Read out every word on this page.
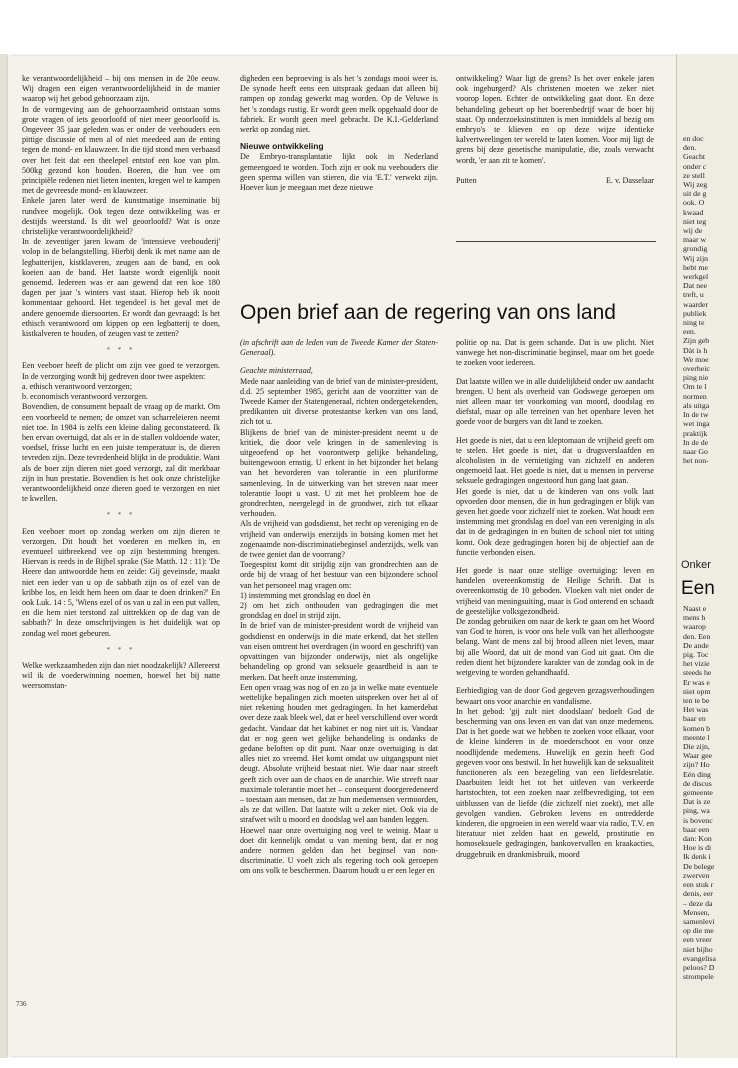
en doc
den.
Geacht
onder c
ze stell
Wij zeg
uit de g
ook. O
kwaad
niet teg
wij de
maar w
grondig
Wij zijn
hebt me
werkgel
Dat nee
treft, u
waarder
publiek
ning te
een.
Zijn geb
Dàt is h
We moe
overheic
ping nie
Om te l
normen
als uitga
In de tw
wet inga
praktijk
In de de
naar Go
het non-
Onker
Een
Naast e
mens h
waarop
den. Een
De ande
pig. Toc
het vizie
steeds he
Er was e
niet opm
ten te be
Het was
baar en
komen b
meente l
Die zijn,
Waar gee
zijn? Ho
Eén ding
de discus
gemeente
Dat is ze
ping, wa
is bovenc
baar een
dan: Kon
Hoe is di
Ik denk i
De belege
zwerven
een stuk r
denis, eer
– deze da
Mensen,
samenlevi
op die me
een vreer
niet bijho
evangelisa
peloos? D
strompele

ke verantwoordelijkheid – bij ons mensen in de 20e eeuw. Wij dragen een eigen verantwoordelijkheid in de manier waarop wij het gebod gehoorzaam zijn.

In de vormgeving aan de gehoorzaamheid ontstaan soms grote vragen of iets geoorloofd of niet meer geoorloofd is. Ongeveer 35 jaar geleden was er onder de veehouders een pittige discussie of men al of niet meedeed aan de enting tegen de mond- en klauwzeer. In die tijd stond men verbaasd over het feit dat een theelepel entstof een koe van plm. 500kg gezond kon houden. Boeren, die hun vee om principiële redenen niet lieten inenten, kregen wel te kampen met de gevreesde mond- en klauwzeer.

Enkele jaren later werd de kunstmatige inseminatie bij rundvee mogelijk. Ook tegen deze ontwikkeling was er destijds weerstand. Is dit wel geoorloofd? Wat is onze christelijke verantwoordelijkheid?

In de zeventiger jaren kwam de 'intensieve veehouderij' volop in de belangstelling. Hierbij denk ik met name aan de legbatterijen, kistklaveren, zeugen aan de band, en ook koeien aan de band. Het laatste wordt eigenlijk nooit genoemd. Iedereen was er aan gewend dat een koe 180 dagen per jaar 's winters vast staat. Hierop heb ik nooit kommentaar gehoord. Het tegendeel is het geval met de andere genoemde diersoorten. Er wordt dan gevraagd: Is het ethisch verantwoord om kippen op een legbatterij te doen, kistkalveren te houden, of zeugen vast te zetten?

* * *

Een veeboer heeft de plicht om zijn vee goed te verzorgen. In de verzorging wordt hij gedreven door twee aspekten:

a. ethisch verantwoord verzorgen;

b. economisch verantwoord verzorgen.

Bovendien, de consument bepaalt de vraag op de markt. Om een voorbeeld te nemen; de omzet van scharreleieren neemt niet toe. In 1984 is zelfs een kleine daling geconstateerd. Ik ben ervan overtuigd, dat als er in de stallen voldoende water, voedsel, frisse lucht en een juiste temperatuur is, de dieren tevreden zijn. Deze tevredenheid blijkt in de produktie. Want als de boer zijn dieren niet goed verzorgt, zal dit merkbaar zijn in hun prestatie. Bovendien is het ook onze christelijke verantwoordelijkheid onze dieren goed te verzorgen en niet te kwellen.

* * *

Een veeboer moet op zondag werken om zijn dieren te verzorgen. Dit houdt het voederen en melken in, en eventueel uitbreekend vee op zijn bestemming brengen. Hiervan is reeds in de Bijbel sprake (Sie Matth. 12 : 11): 'De Heere dan antwoordde hem en zeide: Gij geveinsde, maakt niet een ieder van u op de sabbath zijn os of ezel van de kribbe los, en leidt hem heen om daar te doen drinken?' En ook Luk. 14 : 5, 'Wiens ezel of os van u zal in een put vallen, en die hem niet terstond zal uittrekken op de dag van de sabbath?' In deze omschrijvingen is het duidelijk wat op zondag wel moet gebeuren.

* * *

Welke werkzaamheden zijn dan niet noodzakelijk? Allereerst wil ik de voederwinning noemen, hoewel het bij natte weersomstan-

digheden een beproeving is als het 's zondags mooi weer is. De synode heeft eens een uitspraak gedaan dat alleen bij rampen op zondag gewerkt mag worden. Op de Veluwe is het 's zondags rustig. Er wordt geen melk opgehaald door de fabriek. Er wordt geen meel gebracht. De K.I.-Gelderland werkt op zondag niet.

Nieuwe ontwikkeling

De Embryo-transplantatie lijkt ook in Nederland gemeengoed te worden. Toch zijn er ook nu veehouders die geen sperma willen van stieren, die via 'E.T.' verwekt zijn. Hoever kun je meegaan met deze nieuwe

ontwikkeling? Waar ligt de grens? Is het over enkele jaren ook ingeburgerd? Als christenen moeten we zeker niet voorop lopen. Echter de ontwikkeling gaat door. En deze behandeling gebeurt op het boerenbedrijf waar de boer bij staat. Op onderzoeksinstituten is men inmiddels al bezig om embryo's te klieven en op deze wijze identieke kalvertweelingen ter wereld te laten komen. Voor mij ligt de grens bij deze genetische manipulatie, die, zoals verwacht wordt, 'er aan zit te komen'.

Putten	E. v. Dasselaar
Open brief aan de regering van ons land

(in afschrift aan de leden van de Tweede Kamer der Staten-Generaal).

Geachte ministerraad,

Mede naar aanleiding van de brief van de minister-president, d.d. 25 september 1985, gericht aan de voorzitter van de Tweede Kamer der Statengeneraal, richten ondergetekenden, predikanten uit diverse protestantse kerken van ons land, zich tot u.

Blijkens de brief van de minister-president neemt u de kritiek, die door vele kringen in de samenleving is uitgeoefend op het voorontwerp gelijke behandeling, buitengewoon ernstig. U erkent in het bijzonder het belang van het bevorderen van tolerantie in een pluriforme samenleving. In de uitwerking van het streven naar meer tolerantie loopt u vast. U zit met het probleem hoe de grondrechten, neergelegd in de grondwet, zich tot elkaar verhouden.

Als de vrijheid van godsdienst, het recht op vereniging en de vrijheid van onderwijs enerzijds in botsing komen met het zogenaamde non-discriminatiebeginsel anderzijds, welk van de twee geniet dan de voorrang?

Toegespitst komt dit strijdig zijn van grondrechten aan de orde bij de vraag of het bestuur van een bijzondere school van het personeel mag vragen om:

1) instemming met grondslag en doel èn

2) om het zich onthouden van gedragingen die met grondslag en doel in strijd zijn.

In de brief van de minister-president wordt de vrijheid van godsdienst en onderwijs in die mate erkend, dat het stellen van eisen omtrent het overdragen (in woord en geschrift) van opvattingen van bijzonder onderwijs, niet als ongelijke behandeling op grond van seksuele geaardheid is aan te merken. Dat heeft onze instemming.

Een open vraag was nog of en zo ja in welke mate eventuele wettelijke bepalingen zich moeten uitspreken over het al of niet rekening houden met gedragingen. In het kamerdebat over deze zaak bleek wel, dat er heel verschillend over wordt gedacht. Vandaar dat het kabinet er nog niet uit is. Vandaar dat er nog geen wet gelijke behandeling is ondanks de gedane beloften op dit punt. Naar onze overtuiging is dat alles niet zo vreemd. Het komt omdat uw uitgangspunt niet deugt. Absolute vrijheid bestaat niet. Wie daar naar streeft geeft zich over aan de chaos en de anarchie. Wie streeft naar maximale tolerantie moet het – consequent doorgeredeneerd – toestaan aan mensen, dat ze hun medemensen vermoorden, als ze dat willen. Dat laatste wilt u zeker niet. Ook via de strafwet wilt u moord en doodslag wel aan banden leggen.

Hoewel naar onze overtuiging nog veel te weinig. Maar u doet dit kennelijk omdat u van mening bent, dat er nog andere normen gelden dan het beginsel van non-discriminatie. U voelt zich als regering toch ook geroepen om ons volk te beschermen. Daarom houdt u er een leger en

politie op na. Dat is geen schande. Dat is uw plicht. Niet vanwege het non-discriminatie beginsel, maar om het goede te zoeken voor iedereen.

Dat laatste willen we in alle duidelijkheid onder uw aandacht brengen. U bent als overheid van Godswege geroepen om niet alleen maar ter voorkoming van moord, doodslag en diefstal, maar op alle terreinen van het openbare leven het goede voor de burgers van dit land te zoeken.

Het goede is niet, dat u een kleptomaan de vrijheid geeft om te stelen. Het goede is niet, dat u drugsverslaafden en alcoholisten in de vernietiging van zichzelf en anderen ongemoeid laat. Het goede is niet, dat u mensen in perverse seksuele gedragingen ongestoord hun gang laat gaan.

Het goede is niet, dat u de kinderen van ons volk laat opvoeden door mensen, die in hun gedragingen er blijk van geven het goede voor zichzelf niet te zoeken. Wat houdt een instemming met grondslag en doel van een vereniging in als dat in de gedragingen in en buiten de school niet tot uiting komt. Ook deze gedragingen horen bij de objectief aan de functie verbonden eisen.

Het goede is naar onze stellige overtuiging: leven en handelen overeenkomstig de Heilige Schrift. Dat is overeenkomstig de 10 geboden. Vloeken valt niet onder de vrijheid van meningsuiting, maar is God onterend en schaadt de geestelijke volksgezondheid.

De zondag gebruiken om naar de kerk te gaan om het Woord van God te horen, is voor ons hele volk van het allerhoogste belang. Want de mens zal bij brood alleen niet leven, maar bij alle Woord, dat uit de mond van God uit gaat. Om die reden dient het bijzondere karakter van de zondag ook in de wetgeving te worden gehandhaafd.

Eerbiediging van de door God gegeven gezagsverhoudingen bewaart ons voor anarchie en vandalisme.

In het gebod: 'gij zult niet doodslaan' bedoelt God de bescherming van ons leven en van dat van onze medemens. Dat is het goede wat we hebben te zoeken voor elkaar, voor de kleine kinderen in de moederschoot en voor onze noodlijdende medemens. Huwelijk en gezin heeft God gegeven voor ons bestwil. In het huwelijk kan de seksualiteit functioneren als een bezegeling van een liefdesrelatie. Daarbuiten leidt het tot het uitleven van verkeerde hartstochten, tot een zoeken naar zelfbevrediging, tot een uitblussen van de liefde (die zichzelf niet zoekt), met alle gevolgen vandien. Gebroken levens en ontredderde kinderen, die opgroeien in een wereld waar via radio, T.V. en literatuur niet zelden haat en geweld, prostitutie en homoseksuele gedragingen, bankovervallen en kraakacties, druggebruik en drankmisbruik, moord

736
